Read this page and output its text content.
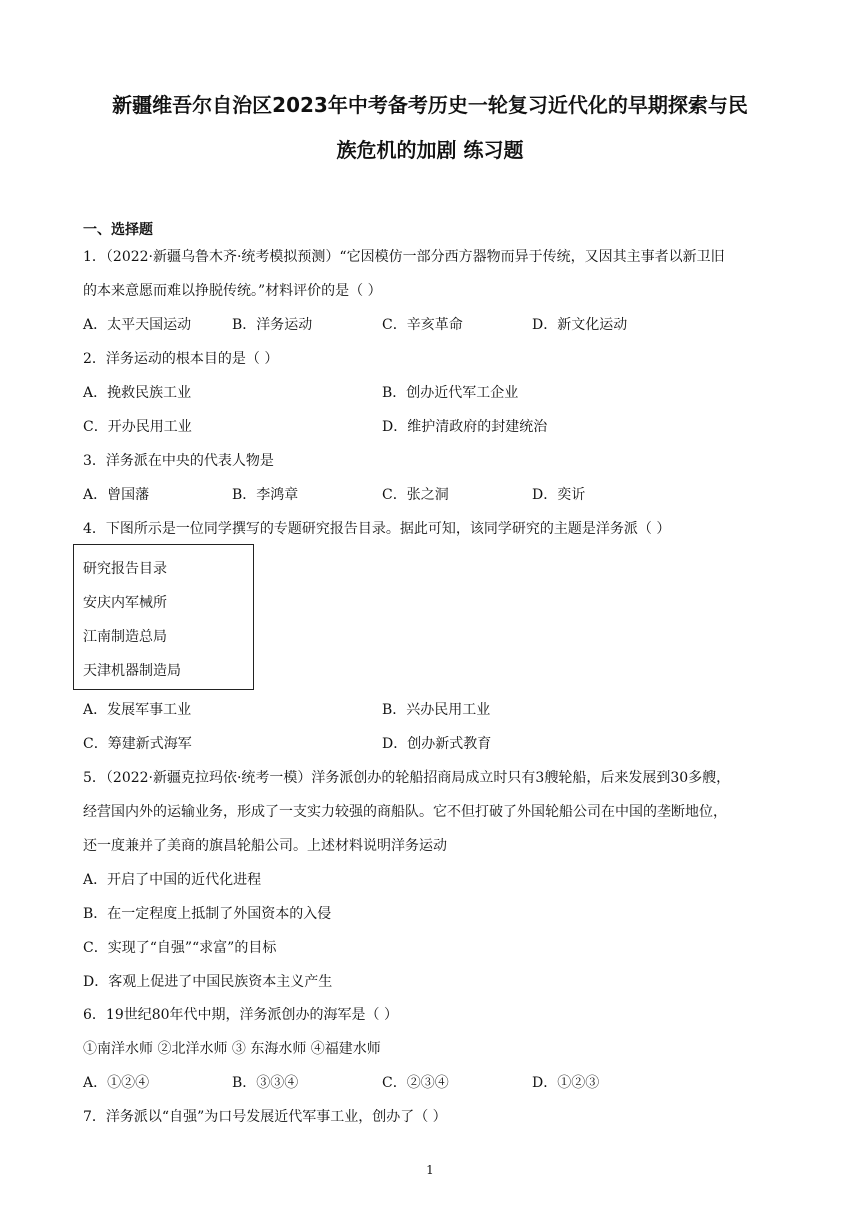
新疆维吾尔自治区2023年中考备考历史一轮复习近代化的早期探索与民
族危机的加剧 练习题
一、选择题
1．（2022·新疆乌鲁木齐·统考模拟预测）“它因模仿一部分西方器物而异于传统，又因其主事者以新卫旧
的本来意愿而难以挣脱传统。”材料评价的是（ ）
A．太平天国运动	B．洋务运动	C．辛亥革命	D．新文化运动
2．洋务运动的根本目的是（ ）
A．挽救民族工业	B．创办近代军工企业
C．开办民用工业	D．维护清政府的封建统治
3．洋务派在中央的代表人物是
A．曾国藩	B．李鸿章	C．张之洞	D．奕䜣
4．下图所示是一位同学撰写的专题研究报告目录。据此可知，该同学研究的主题是洋务派（ ）
研究报告目录
安庆内军械所
江南制造总局
天津机器制造局
A．发展军事工业	B．兴办民用工业
C．筹建新式海军	D．创办新式教育
5．（2022·新疆克拉玛依·统考一模）洋务派创办的轮船招商局成立时只有3艘轮船，后来发展到30多艘，
经营国内外的运输业务，形成了一支实力较强的商船队。它不但打破了外国轮船公司在中国的垄断地位，
还一度兼并了美商的旗昌轮船公司。上述材料说明洋务运动
A．开启了中国的近代化进程
B．在一定程度上抵制了外国资本的入侵
C．实现了“自强”“求富”的目标
D．客观上促进了中国民族资本主义产生
6．19世纪80年代中期，洋务派创办的海军是（ ）
①南洋水师 ②北洋水师 ③ 东海水师 ④福建水师
A．①②④	B．③③④	C．②③④	D．①②③
7．洋务派以“自强”为口号发展近代军事工业，创办了（ ）
1
